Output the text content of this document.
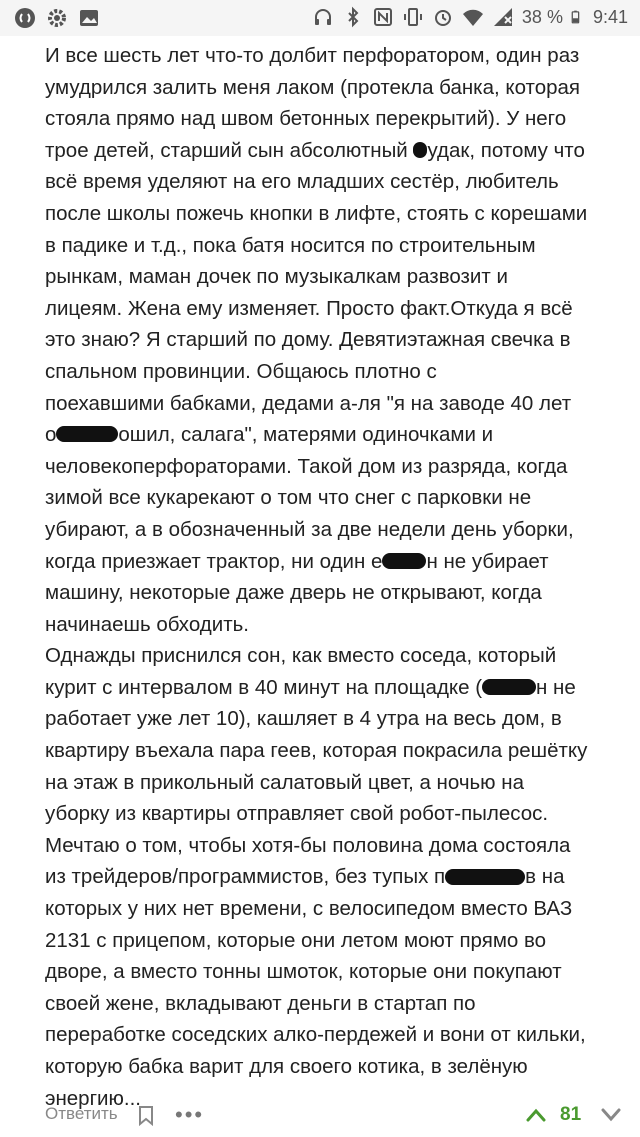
38 % 9:41
И все шесть лет что-то долбит перфоратором, один раз
умудрился залить меня лаком (протекла банка, которая
стояла прямо над швом бетонных перекрытий). У него
трое детей, старший сын абсолютный удак, потому что
всё время уделяют на его младших сестёр, любитель
после школы пожечь кнопки в лифте, стоять с корешами
в падике и т.д., пока батя носится по строительным
рынкам, маман дочек по музыкалкам развозит и
лицеям. Жена ему изменяет. Просто факт.Откуда я всё
это знаю? Я старший по дому. Девятиэтажная свечка в
спальном провинции. Общаюсь плотно с
поехавшими бабками, дедами а-ля "я на заводе 40 лет
о	ошил, салага", матерями одиночками и
человекоперфораторами. Такой дом из разряда, когда
зимой все кукарекают о том что снег с парковки не
убирают, а в обозначенный за две недели день уборки,
когда приезжает трактор, ни один е н не убирает
машину, некоторые даже дверь не открывают, когда
начинаешь обходить.
Однажды приснился сон, как вместо соседа, который
курит с интервалом в 40 минут на площадке (	н не
работает уже лет 10), кашляет в 4 утра на весь дом, в
квартиру въехала пара геев, которая покрасила решётку
на этаж в прикольный салатовый цвет, а ночью на
уборку из квартиры отправляет свой робот-пылесос.
Мечтаю о том, чтобы хотя-бы половина дома состояла
из трейдеров/программистов, без тупых п	в на
которых у них нет времени, с велосипедом вместо ВАЗ
2131 с прицепом, которые они летом моют прямо во
дворе, а вместо тонны шмоток, которые они покупают
своей жене, вкладывают деньги в стартап по
переработке соседских алко-пердежей и вони от кильки,
которую бабка варит для своего котика, в зелёную
энергию...
Ответить	•••	81
